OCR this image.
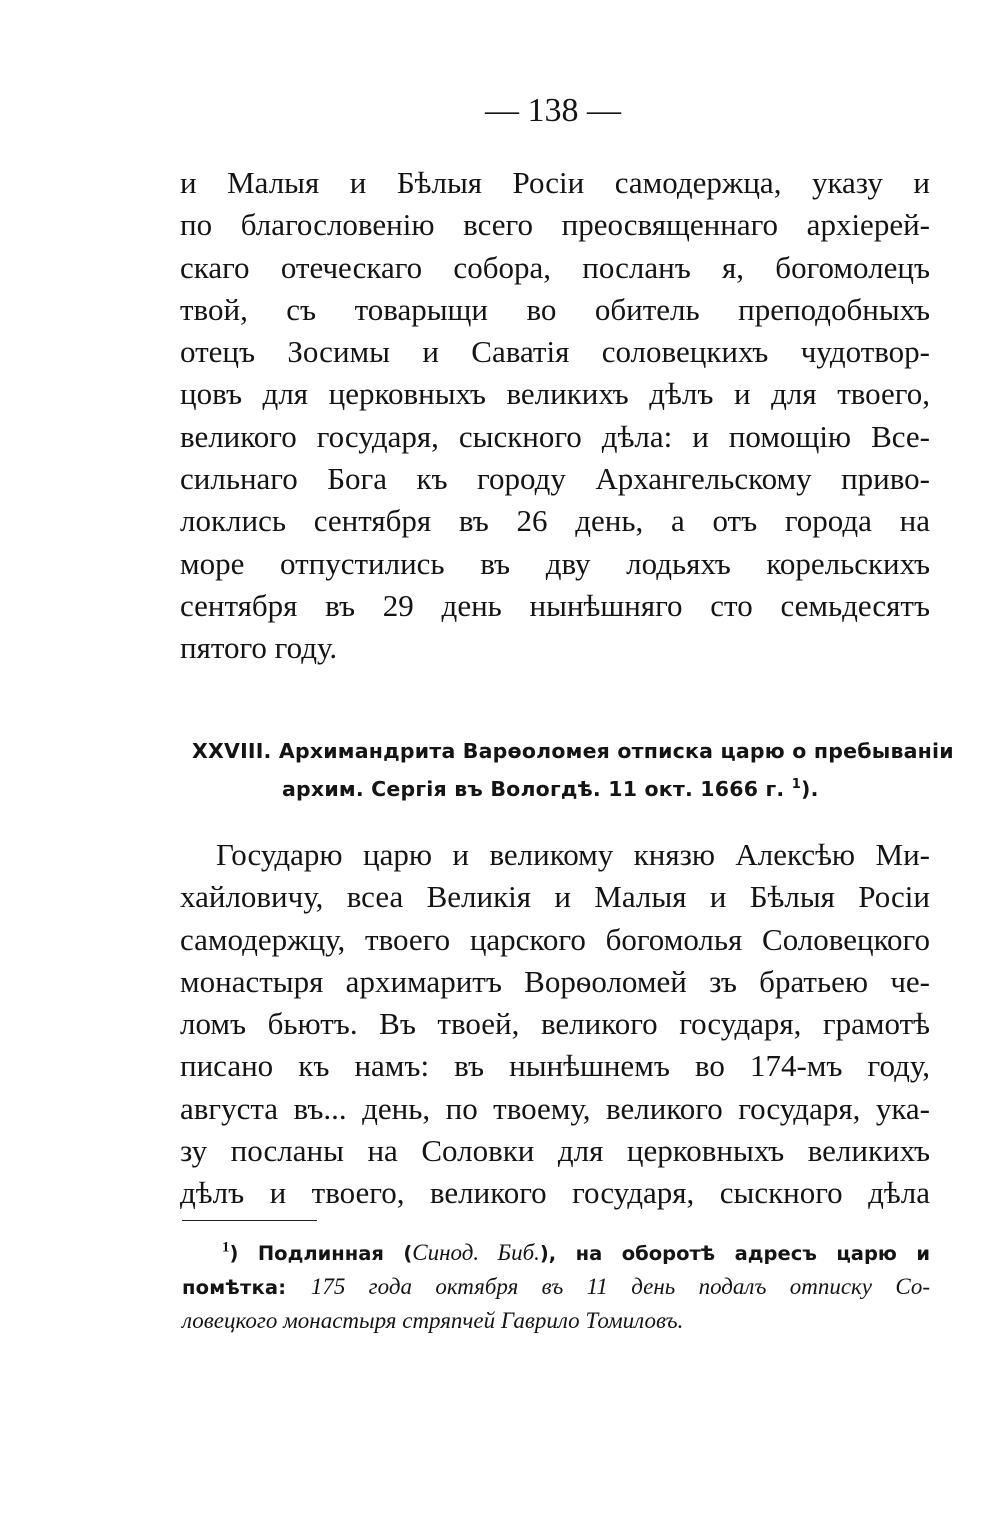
— 138 —
и Малыя и Бѣлыя Росіи самодержца, указу и
по благословенію всего преосвященнаго архіерей-
скаго отеческаго собора, посланъ я, богомолецъ
твой, съ товарыщи во обитель преподобныхъ
отецъ Зосимы и Саватія соловецкихъ чудотвор-
цовъ для церковныхъ великихъ дѣлъ и для твоего,
великого государя, сыскного дѣла: и помощію Все-
сильнаго Бога къ городу Архангельскому приво-
локлись сентября въ 26 день, а отъ города на
море отпустились въ дву лодьяхъ корельскихъ
сентября въ 29 день нынѣшняго сто семьдесятъ
пятого году.
XXVIII. Архимандрита Варѳоломея отписка царю о пребываніи
архим. Сергія въ Вологдѣ. 11 окт. 1666 г. $^1$).
Государю царю и великому князю Алексѣю Ми-
хайловичу, всеа Великія и Малыя и Бѣлыя Росіи
самодержцу, твоего царского богомолья Соловецкого
монастыря архимаритъ Ворѳоломей зъ братьею че-
ломъ бьютъ. Въ твоей, великого государя, грамотѣ
писано къ намъ: въ нынѣшнемъ во 174-мъ году,
августа въ... день, по твоему, великого государя, ука-
зу посланы на Соловки для церковныхъ великихъ
дѣлъ и твоего, великого государя, сыскного дѣла
$^1$) Подлинная (Синод. Биб.), на оборотѣ адресъ царю и
помѣтка: 175 года октября въ 11 день подалъ отписку Со-
ловецкого монастыря стряпчей Гаврило Томиловъ.
